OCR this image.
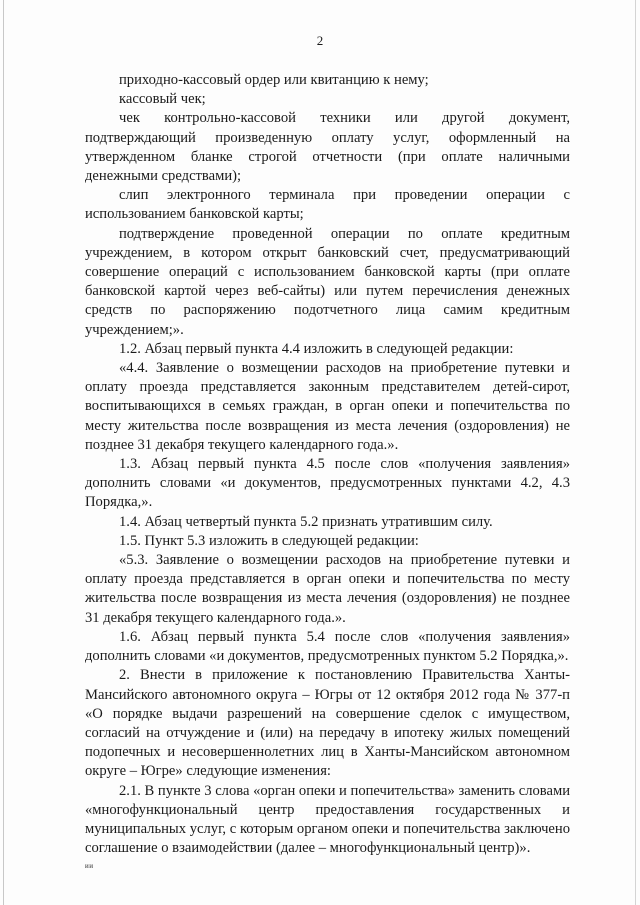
2

приходно-кассовый ордер или квитанцию к нему;

кассовый чек;

чек контрольно-кассовой техники или другой документ, подтверждающий произведенную оплату услуг, оформленный на утвержденном бланке строгой отчетности (при оплате наличными денежными средствами);

слип электронного терминала при проведении операции с использованием банковской карты;

подтверждение проведенной операции по оплате кредитным учреждением, в котором открыт банковский счет, предусматривающий совершение операций с использованием банковской карты (при оплате банковской картой через веб-сайты) или путем перечисления денежных средств по распоряжению подотчетного лица самим кредитным учреждением;».

1.2. Абзац первый пункта 4.4 изложить в следующей редакции:

«4.4. Заявление о возмещении расходов на приобретение путевки и оплату проезда представляется законным представителем детей-сирот, воспитывающихся в семьях граждан, в орган опеки и попечительства по месту жительства после возвращения из места лечения (оздоровления) не позднее 31 декабря текущего календарного года.».

1.3. Абзац первый пункта 4.5 после слов «получения заявления» дополнить словами «и документов, предусмотренных пунктами 4.2, 4.3 Порядка,».

1.4. Абзац четвертый пункта 5.2 признать утратившим силу.

1.5. Пункт 5.3 изложить в следующей редакции:

«5.3. Заявление о возмещении расходов на приобретение путевки и оплату проезда представляется в орган опеки и попечительства по месту жительства после возвращения из места лечения (оздоровления) не позднее 31 декабря текущего календарного года.».

1.6. Абзац первый пункта 5.4 после слов «получения заявления» дополнить словами «и документов, предусмотренных пунктом 5.2 Порядка,».

2. Внести в приложение к постановлению Правительства Ханты-Мансийского автономного округа – Югры от 12 октября 2012 года № 377-п «О порядке выдачи разрешений на совершение сделок с имуществом, согласий на отчуждение и (или) на передачу в ипотеку жилых помещений подопечных и несовершеннолетних лиц в Ханты-Мансийском автономном округе – Югре» следующие изменения:

2.1. В пункте 3 слова «орган опеки и попечительства» заменить словами «многофункциональный центр предоставления государственных и муниципальных услуг, с которым органом опеки и попечительства заключено соглашение о взаимодействии (далее – многофункциональный центр)».

ии
